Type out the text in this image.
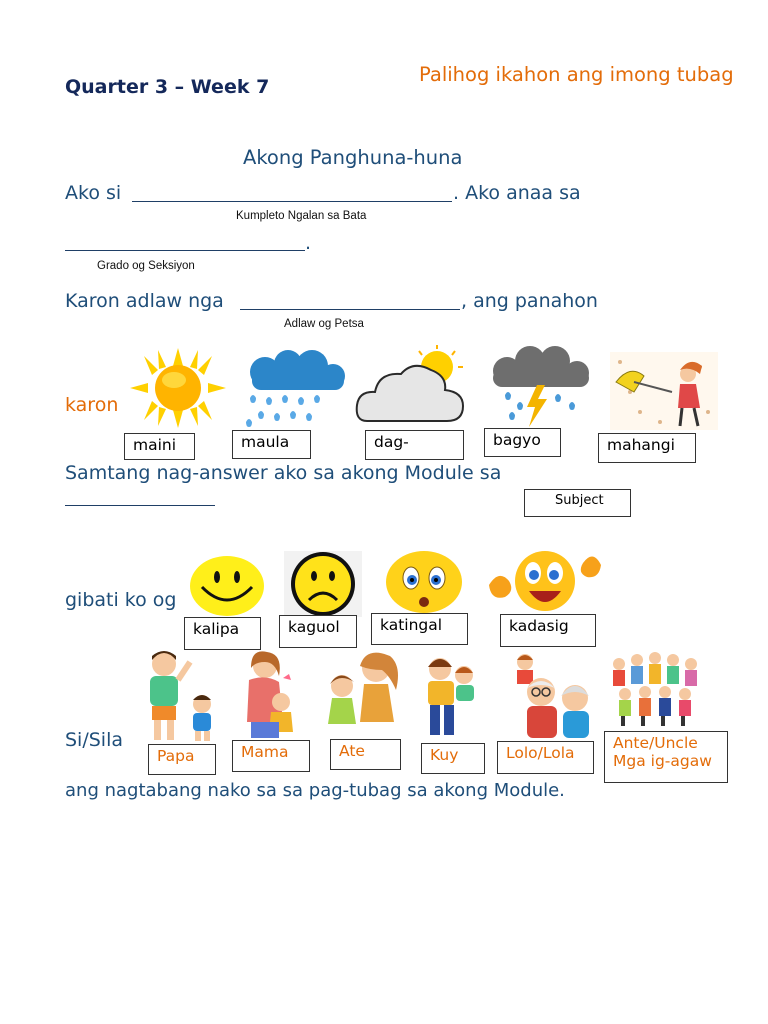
Quarter 3 – Week 7
Palihog ikahon ang imong tubag
Akong Panghuna-huna
Ako si	. Ako anaa sa
Kumpleto Ngalan sa Bata
.
Grado og Seksiyon
Karon adlaw nga	, ang panahon
Adlaw og Petsa
karon
maini	maula	dag-	bagyo	mahangi
Samtang nag-answer ako sa akong Module sa
Subject
gibati ko og
kalipa	kaguol	katingal	kadasig
Si/Sila
Papa	Mama	Ate	Kuy	Lolo/Lola
Ante/Uncle Mga ig-agaw
ang nagtabang nako sa sa pag-tubag sa akong Module.
